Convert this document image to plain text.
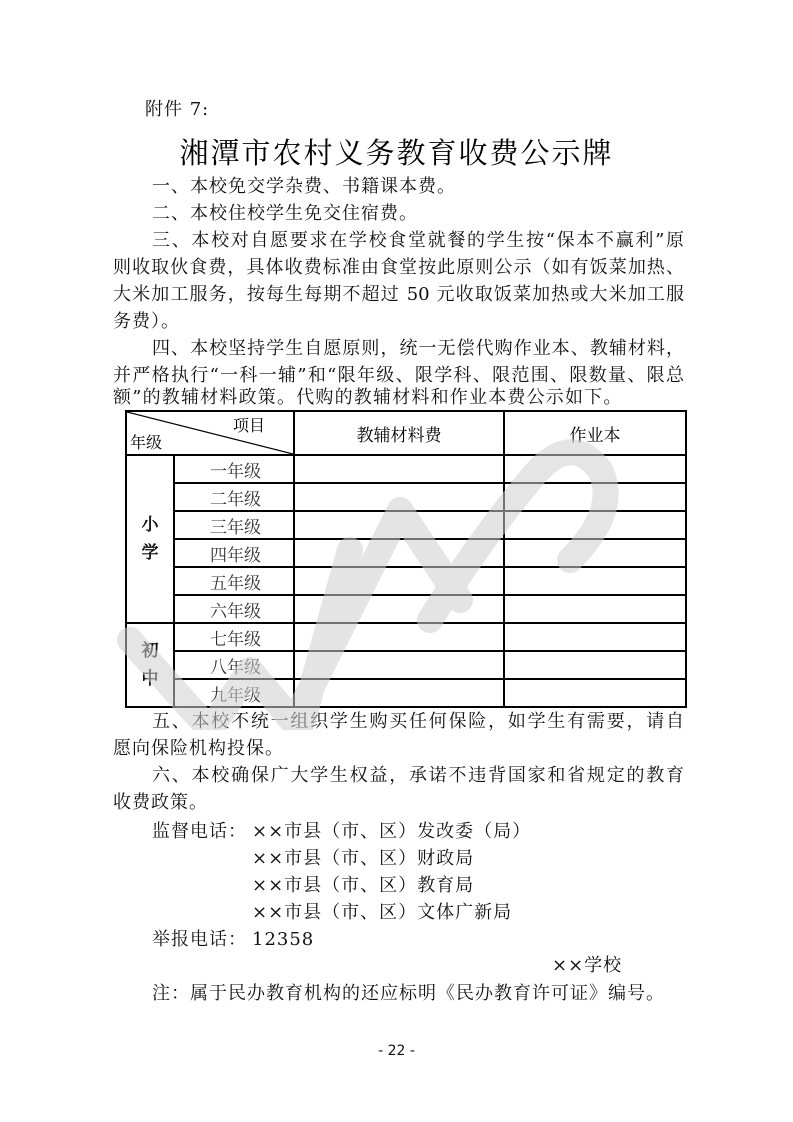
附件 7:
湘潭市农村义务教育收费公示牌
一、本校免交学杂费、书籍课本费。
二、本校住校学生免交住宿费。
三、本校对自愿要求在学校食堂就餐的学生按“保本不赢利”原
则收取伙食费，具体收费标准由食堂按此原则公示（如有饭菜加热、
大米加工服务，按每生每期不超过 50 元收取饭菜加热或大米加工服
务费）。
四、本校坚持学生自愿原则，统一无偿代购作业本、教辅材料，
并严格执行“一科一辅”和“限年级、限学科、限范围、限数量、限总
额”的教辅材料政策。代购的教辅材料和作业本费公示如下。
项目
年级		教辅材料费	作业本
小
学	一年级		
	二年级		
	三年级		
	四年级		
	五年级		
	六年级		
初
中	七年级		
	八年级		
	九年级		
五、本校不统一组织学生购买任何保险，如学生有需要，请自
愿向保险机构投保。
六、本校确保广大学生权益，承诺不违背国家和省规定的教育
收费政策。
监督电话： ××市县（市、区）发改委（局）
××市县（市、区）财政局
××市县（市、区）教育局
××市县（市、区）文体广新局
举报电话： 12358
××学校
注：属于民办教育机构的还应标明《民办教育许可证》编号。
- 22 -
